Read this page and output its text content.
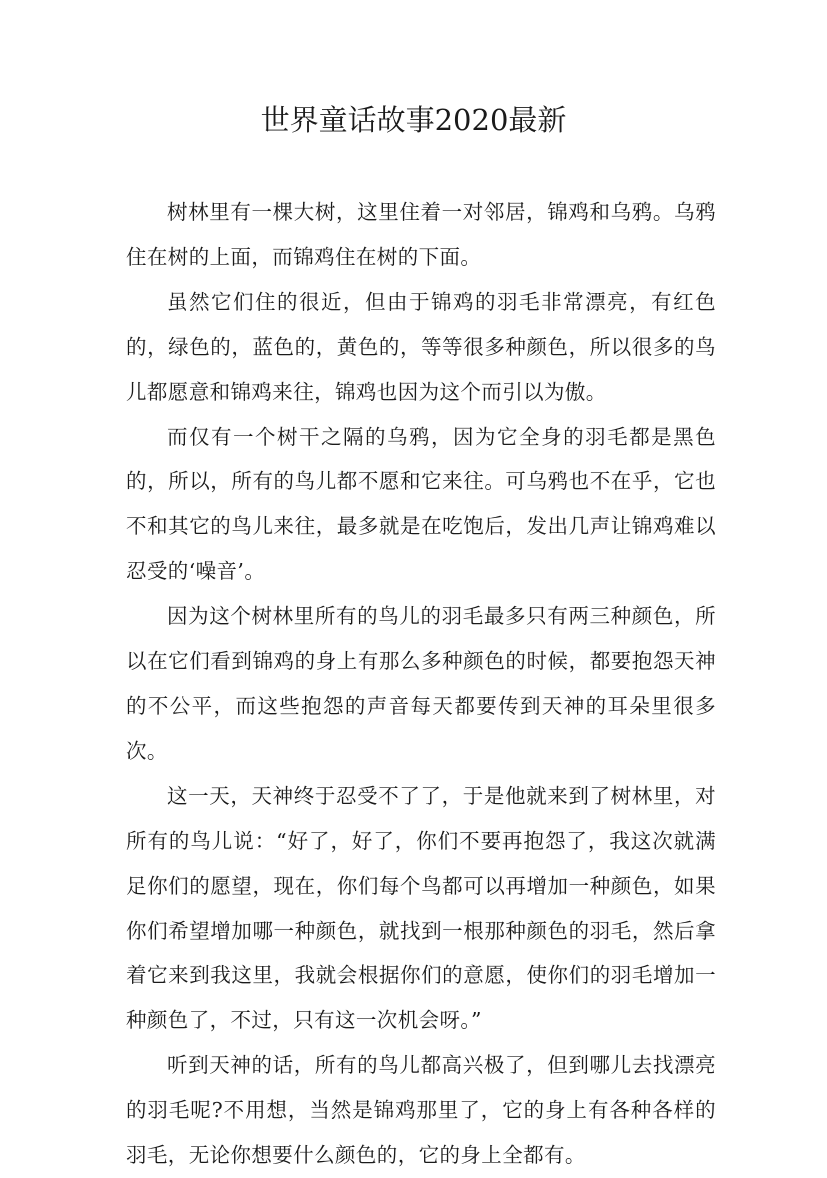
世界童话故事2020最新

树林里有一棵大树，这里住着一对邻居，锦鸡和乌鸦。乌鸦住在树的上面，而锦鸡住在树的下面。

虽然它们住的很近，但由于锦鸡的羽毛非常漂亮，有红色的，绿色的，蓝色的，黄色的，等等很多种颜色，所以很多的鸟儿都愿意和锦鸡来往，锦鸡也因为这个而引以为傲。

而仅有一个树干之隔的乌鸦，因为它全身的羽毛都是黑色的，所以，所有的鸟儿都不愿和它来往。可乌鸦也不在乎，它也不和其它的鸟儿来往，最多就是在吃饱后，发出几声让锦鸡难以忍受的‘噪音’。

因为这个树林里所有的鸟儿的羽毛最多只有两三种颜色，所以在它们看到锦鸡的身上有那么多种颜色的时候，都要抱怨天神的不公平，而这些抱怨的声音每天都要传到天神的耳朵里很多次。

这一天，天神终于忍受不了了，于是他就来到了树林里，对所有的鸟儿说：“好了，好了，你们不要再抱怨了，我这次就满足你们的愿望，现在，你们每个鸟都可以再增加一种颜色，如果你们希望增加哪一种颜色，就找到一根那种颜色的羽毛，然后拿着它来到我这里，我就会根据你们的意愿，使你们的羽毛增加一种颜色了，不过，只有这一次机会呀。”

听到天神的话，所有的鸟儿都高兴极了，但到哪儿去找漂亮的羽毛呢?不用想，当然是锦鸡那里了，它的身上有各种各样的羽毛，无论你想要什么颜色的，它的身上全都有。
